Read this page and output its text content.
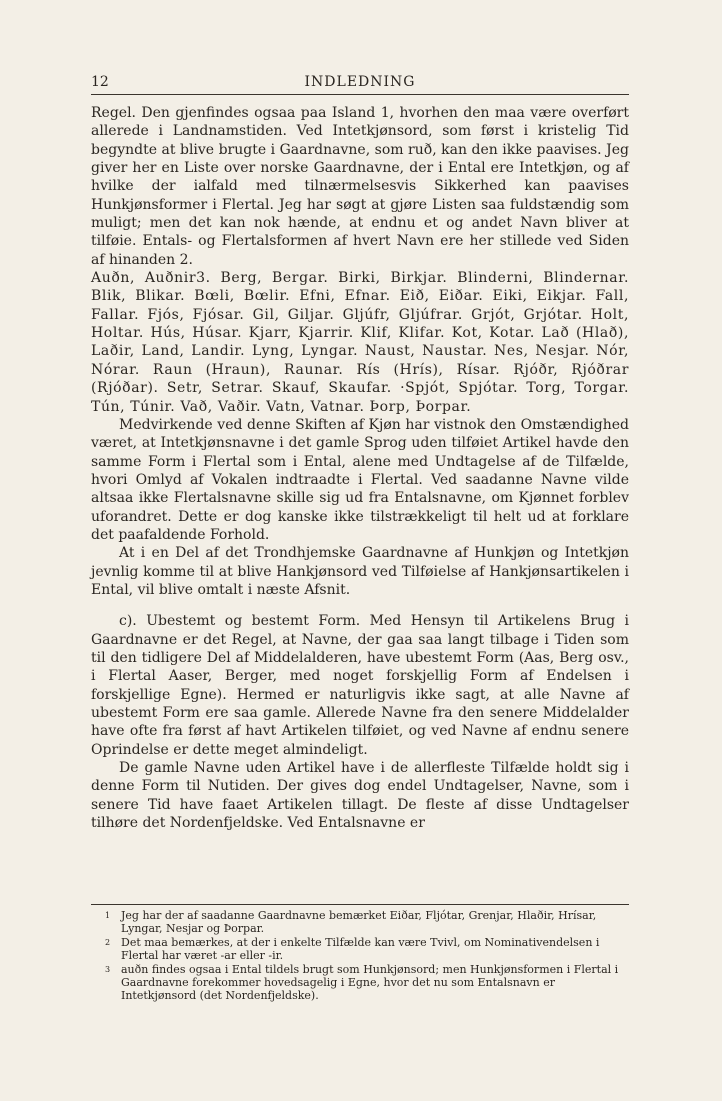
12	INDLEDNING

Regel. Den gjenfindes ogsaa paa Island 1, hvorhen den maa være overført allerede i Landnamstiden. Ved Intetkjønsord, som først i kristelig Tid begyndte at blive brugte i Gaardnavne, som ruð, kan den ikke paavises. Jeg giver her en Liste over norske Gaardnavne, der i Ental ere Intetkjøn, og af hvilke der ialfald med tilnærmelsesvis Sikkerhed kan paavises Hunkjønsformer i Flertal. Jeg har søgt at gjøre Listen saa fuldstændig som muligt; men det kan nok hænde, at endnu et og andet Navn bliver at tilføie. Entals- og Flertalsformen af hvert Navn ere her stillede ved Siden af hinanden 2.

Auðn, Auðnir3. Berg, Bergar. Birki, Birkjar. Blinderni, Blindernar. Blik, Blikar. Bœli, Bœlir. Efni, Efnar. Eið, Eiðar. Eiki, Eikjar. Fall, Fallar. Fjós, Fjósar. Gil, Giljar. Gljúfr, Gljúfrar. Grjót, Grjótar. Holt, Holtar. Hús, Húsar. Kjarr, Kjarrir. Klif, Klifar. Kot, Kotar. Lað (Hlað), Laðir, Land, Landir. Lyng, Lyngar. Naust, Naustar. Nes, Nesjar. Nór, Nórar. Raun (Hraun), Raunar. Rís (Hrís), Rísar. Rjóðr, Rjóðrar (Rjóðar). Setr, Setrar. Skauf, Skaufar. ·Spjót, Spjótar. Torg, Torgar. Tún, Túnir. Vað, Vaðir. Vatn, Vatnar. Þorp, Þorpar.

Medvirkende ved denne Skiften af Kjøn har vistnok den Omstændighed været, at Intetkjønsnavne i det gamle Sprog uden tilføiet Artikel havde den samme Form i Flertal som i Ental, alene med Undtagelse af de Tilfælde, hvori Omlyd af Vokalen indtraadte i Flertal. Ved saadanne Navne vilde altsaa ikke Flertalsnavne skille sig ud fra Entalsnavne, om Kjønnet forblev uforandret. Dette er dog kanske ikke tilstrækkeligt til helt ud at forklare det paafaldende Forhold.

At i en Del af det Trondhjemske Gaardnavne af Hunkjøn og Intetkjøn jevnlig komme til at blive Hankjønsord ved Tilføielse af Hankjønsartikelen i Ental, vil blive omtalt i næste Afsnit.

c). Ubestemt og bestemt Form. Med Hensyn til Artikelens Brug i Gaardnavne er det Regel, at Navne, der gaa saa langt tilbage i Tiden som til den tidligere Del af Middelalderen, have ubestemt Form (Aas, Berg osv., i Flertal Aaser, Berger, med noget forskjellig Form af Endelsen i forskjellige Egne). Hermed er naturligvis ikke sagt, at alle Navne af ubestemt Form ere saa gamle. Allerede Navne fra den senere Middelalder have ofte fra først af havt Artikelen tilføiet, og ved Navne af endnu senere Oprindelse er dette meget almindeligt.

De gamle Navne uden Artikel have i de allerfleste Tilfælde holdt sig i denne Form til Nutiden. Der gives dog endel Undtagelser, Navne, som i senere Tid have faaet Artikelen tillagt. De fleste af disse Undtagelser tilhøre det Nordenfjeldske. Ved Entalsnavne er

1 Jeg har der af saadanne Gaardnavne bemærket Eiðar, Fljótar, Grenjar, Hlaðir, Hrísar, Lyngar, Nesjar og Þorpar.

2 Det maa bemærkes, at der i enkelte Tilfælde kan være Tvivl, om Nominativendelsen i Flertal har været -ar eller -ir.

3 auðn findes ogsaa i Ental tildels brugt som Hunkjønsord; men Hunkjønsformen i Flertal i Gaardnavne forekommer hovedsagelig i Egne, hvor det nu som Entalsnavn er Intetkjønsord (det Nordenfjeldske).
